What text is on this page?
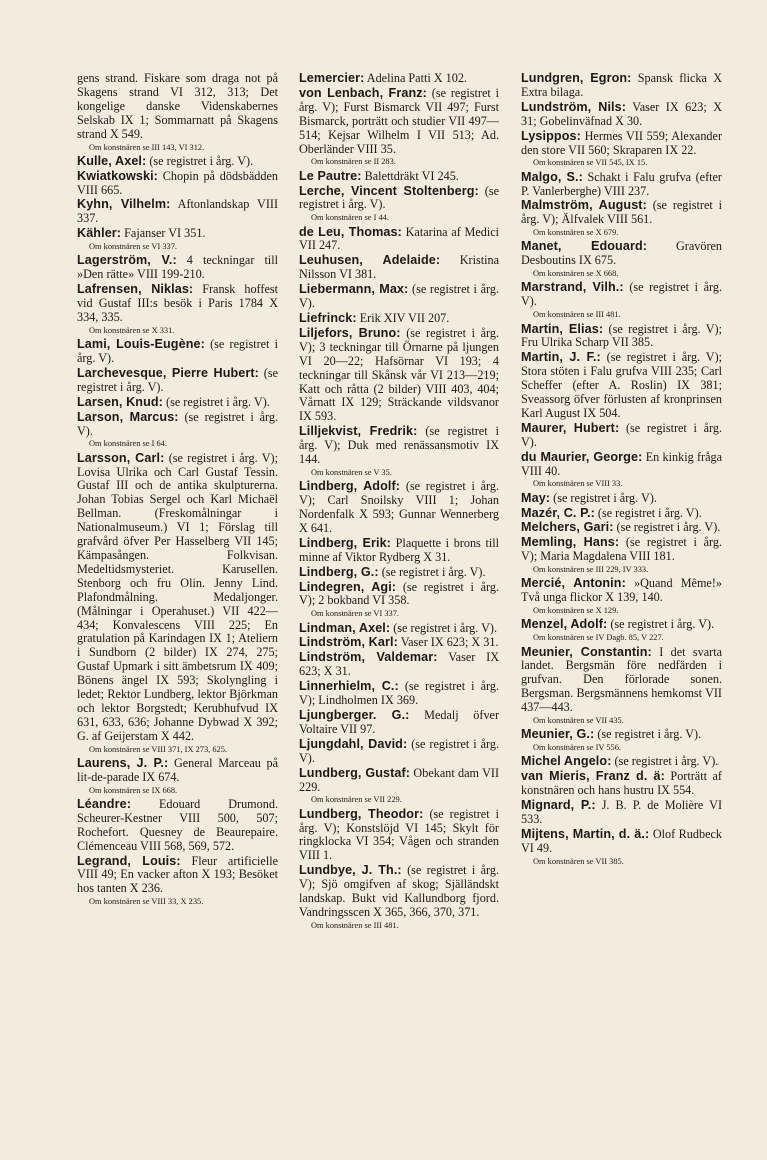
gens strand. Fiskare som draga not på Skagens strand VI 312, 313; Det kongelige danske Videnskabernes Selskab IX 1; Sommarnatt på Skagens strand X 549.

Om konstnären se III 143, VI 312.

Kulle, Axel: (se registret i årg. V).

Kwiatkowski: Chopin på dödsbädden VIII 665.

Kyhn, Vilhelm: Aftonlandskap VIII 337.

Kähler: Fajanser VI 351.

Om konstnären se VI 337.

Lagerström, V.: 4 teckningar till »Den rätte» VIII 199-210.

Lafrensen, Niklas: Fransk hoffest vid Gustaf III:s besök i Paris 1784 X 334, 335.

Om konstnären se X 331.

Lami, Louis-Eugène: (se registret i årg. V).

Larchevesque, Pierre Hubert: (se registret i årg. V).

Larsen, Knud: (se registret i årg. V).

Larson, Marcus: (se registret i årg. V).

Om konstnären se I 64.

Larsson, Carl: (se registret i årg. V); Lovisa Ulrika och Carl Gustaf Tessin. Gustaf III och de antika skulpturerna. Johan Tobias Sergel och Karl Michaël Bellman. (Freskomålningar i Nationalmuseum.) VI 1; Förslag till grafvård öfver Per Hasselberg VII 145; Kämpasången. Folkvisan. Medeltidsmysteriet. Karusellen. Stenborg och fru Olin. Jenny Lind. Plafondmålning. Medaljonger. (Målningar i Operahuset.) VII 422—434; Konvalescens VIII 225; En gratulation på Karindagen IX 1; Ateliern i Sundborn (2 bilder) IX 274, 275; Gustaf Upmark i sitt ämbetsrum IX 409; Bönens ängel IX 593; Skolyngling i ledet; Rektor Lundberg, lektor Björkman och lektor Borgstedt; Kerubhufvud IX 631, 633, 636; Johanne Dybwad X 392; G. af Geijerstam X 442.

Om konstnären se VIII 371, IX 273, 625.

Laurens, J. P.: General Marceau på lit-de-parade IX 674.

Om konstnären se IX 668.

Léandre: Edouard Drumond. Scheurer-Kestner VIII 500, 507; Rochefort. Quesney de Beaurepaire. Clémenceau VIII 568, 569, 572.

Legrand, Louis: Fleur artificielle VIII 49; En vacker afton X 193; Besöket hos tanten X 236.

Om konstnären se VIII 33, X 235.

Lemercier: Adelina Patti X 102.

von Lenbach, Franz: (se registret i årg. V); Furst Bismarck VII 497; Furst Bismarck, porträtt och studier VII 497—514; Kejsar Wilhelm I VII 513; Ad. Oberländer VIII 35.

Om konstnären se II 283.

Le Pautre: Balettdräkt VI 245.

Lerche, Vincent Stoltenberg: (se registret i årg. V).

Om konstnären se I 44.

de Leu, Thomas: Katarina af Medici VII 247.

Leuhusen, Adelaide: Kristina Nilsson VI 381.

Liebermann, Max: (se registret i årg. V).

Liefrinck: Erik XIV VII 207.

Liljefors, Bruno: (se registret i årg. V); 3 teckningar till Örnarne på ljungen VI 20—22; Hafsörnar VI 193; 4 teckningar till Skånsk vår VI 213—219; Katt och råtta (2 bilder) VIII 403, 404; Vårnatt IX 129; Sträckande vildsvanor IX 593.

Lilljekvist, Fredrik: (se registret i årg. V); Duk med renässansmotiv IX 144.

Om konstnären se V 35.

Lindberg, Adolf: (se registret i årg. V); Carl Snoilsky VIII 1; Johan Nordenfalk X 593; Gunnar Wennerberg X 641.

Lindberg, Erik: Plaquette i brons till minne af Viktor Rydberg X 31.

Lindberg, G.: (se registret i årg. V).

Lindegren, Agi: (se registret i årg. V); 2 bokband VI 358.

Om konstnären se VI 337.

Lindman, Axel: (se registret i årg. V).

Lindström, Karl: Vaser IX 623; X 31.

Lindström, Valdemar: Vaser IX 623; X 31.

Linnerhielm, C.: (se registret i årg. V); Lindholmen IX 369.

Ljungberger. G.: Medalj öfver Voltaire VII 97.

Ljungdahl, David: (se registret i årg. V).

Lundberg, Gustaf: Obekant dam VII 229.

Om konstnären se VII 229.

Lundberg, Theodor: (se registret i årg. V); Konstslöjd VI 145; Skylt för ringklocka VI 354; Vågen och stranden VIII 1.

Lundbye, J. Th.: (se registret i årg. V); Sjö omgifven af skog; Själländskt landskap. Bukt vid Kallundborg fjord. Vandringsscen X 365, 366, 370, 371.

Om konstnären se III 481.

Lundgren, Egron: Spansk flicka X Extra bilaga.

Lundström, Nils: Vaser IX 623; X 31; Gobelinväfnad X 30.

Lysippos: Hermes VII 559; Alexander den store VII 560; Skraparen IX 22.

Om konstnären se VII 545, IX 15.

Malgo, S.: Schakt i Falu grufva (efter P. Vanlerberghe) VIII 237.

Malmström, August: (se registret i årg. V); Älfvalek VIII 561.

Om konstnären se X 679.

Manet, Edouard: Gravören Desboutins IX 675.

Om konstnären se X 668.

Marstrand, Vilh.: (se registret i årg. V).

Om konstnären se III 481.

Martin, Elias: (se registret i årg. V); Fru Ulrika Scharp VII 385.

Martin, J. F.: (se registret i årg. V); Stora stöten i Falu grufva VIII 235; Carl Scheffer (efter A. Roslin) IX 381; Sveassorg öfver förlusten af kronprinsen Karl August IX 504.

Maurer, Hubert: (se registret i årg. V).

du Maurier, George: En kinkig fråga VIII 40.

Om konstnären se VIII 33.

May: (se registret i årg. V).

Mazér, C. P.: (se registret i årg. V).

Melchers, Gari: (se registret i årg. V).

Memling, Hans: (se registret i årg. V); Maria Magdalena VIII 181.

Om konstnären se III 229, IV 333.

Mercié, Antonin: »Quand Même!» Två unga flickor X 139, 140.

Om konstnären se X 129.

Menzel, Adolf: (se registret i årg. V).

Om konstnären se IV Dagb. 85, V 227.

Meunier, Constantin: I det svarta landet. Bergsmän före nedfärden i grufvan. Den förlorade sonen. Bergsman. Bergsmännens hemkomst VII 437—443.

Om konstnären se VII 435.

Meunier, G.: (se registret i årg. V).

Om konstnären se IV 556.

Michel Angelo: (se registret i årg. V).

van Mieris, Franz d. ä: Porträtt af konstnären och hans hustru IX 554.

Mignard, P.: J. B. P. de Molière VI 533.

Mijtens, Martin, d. ä.: Olof Rudbeck VI 49.

Om konstnären se VII 385.
